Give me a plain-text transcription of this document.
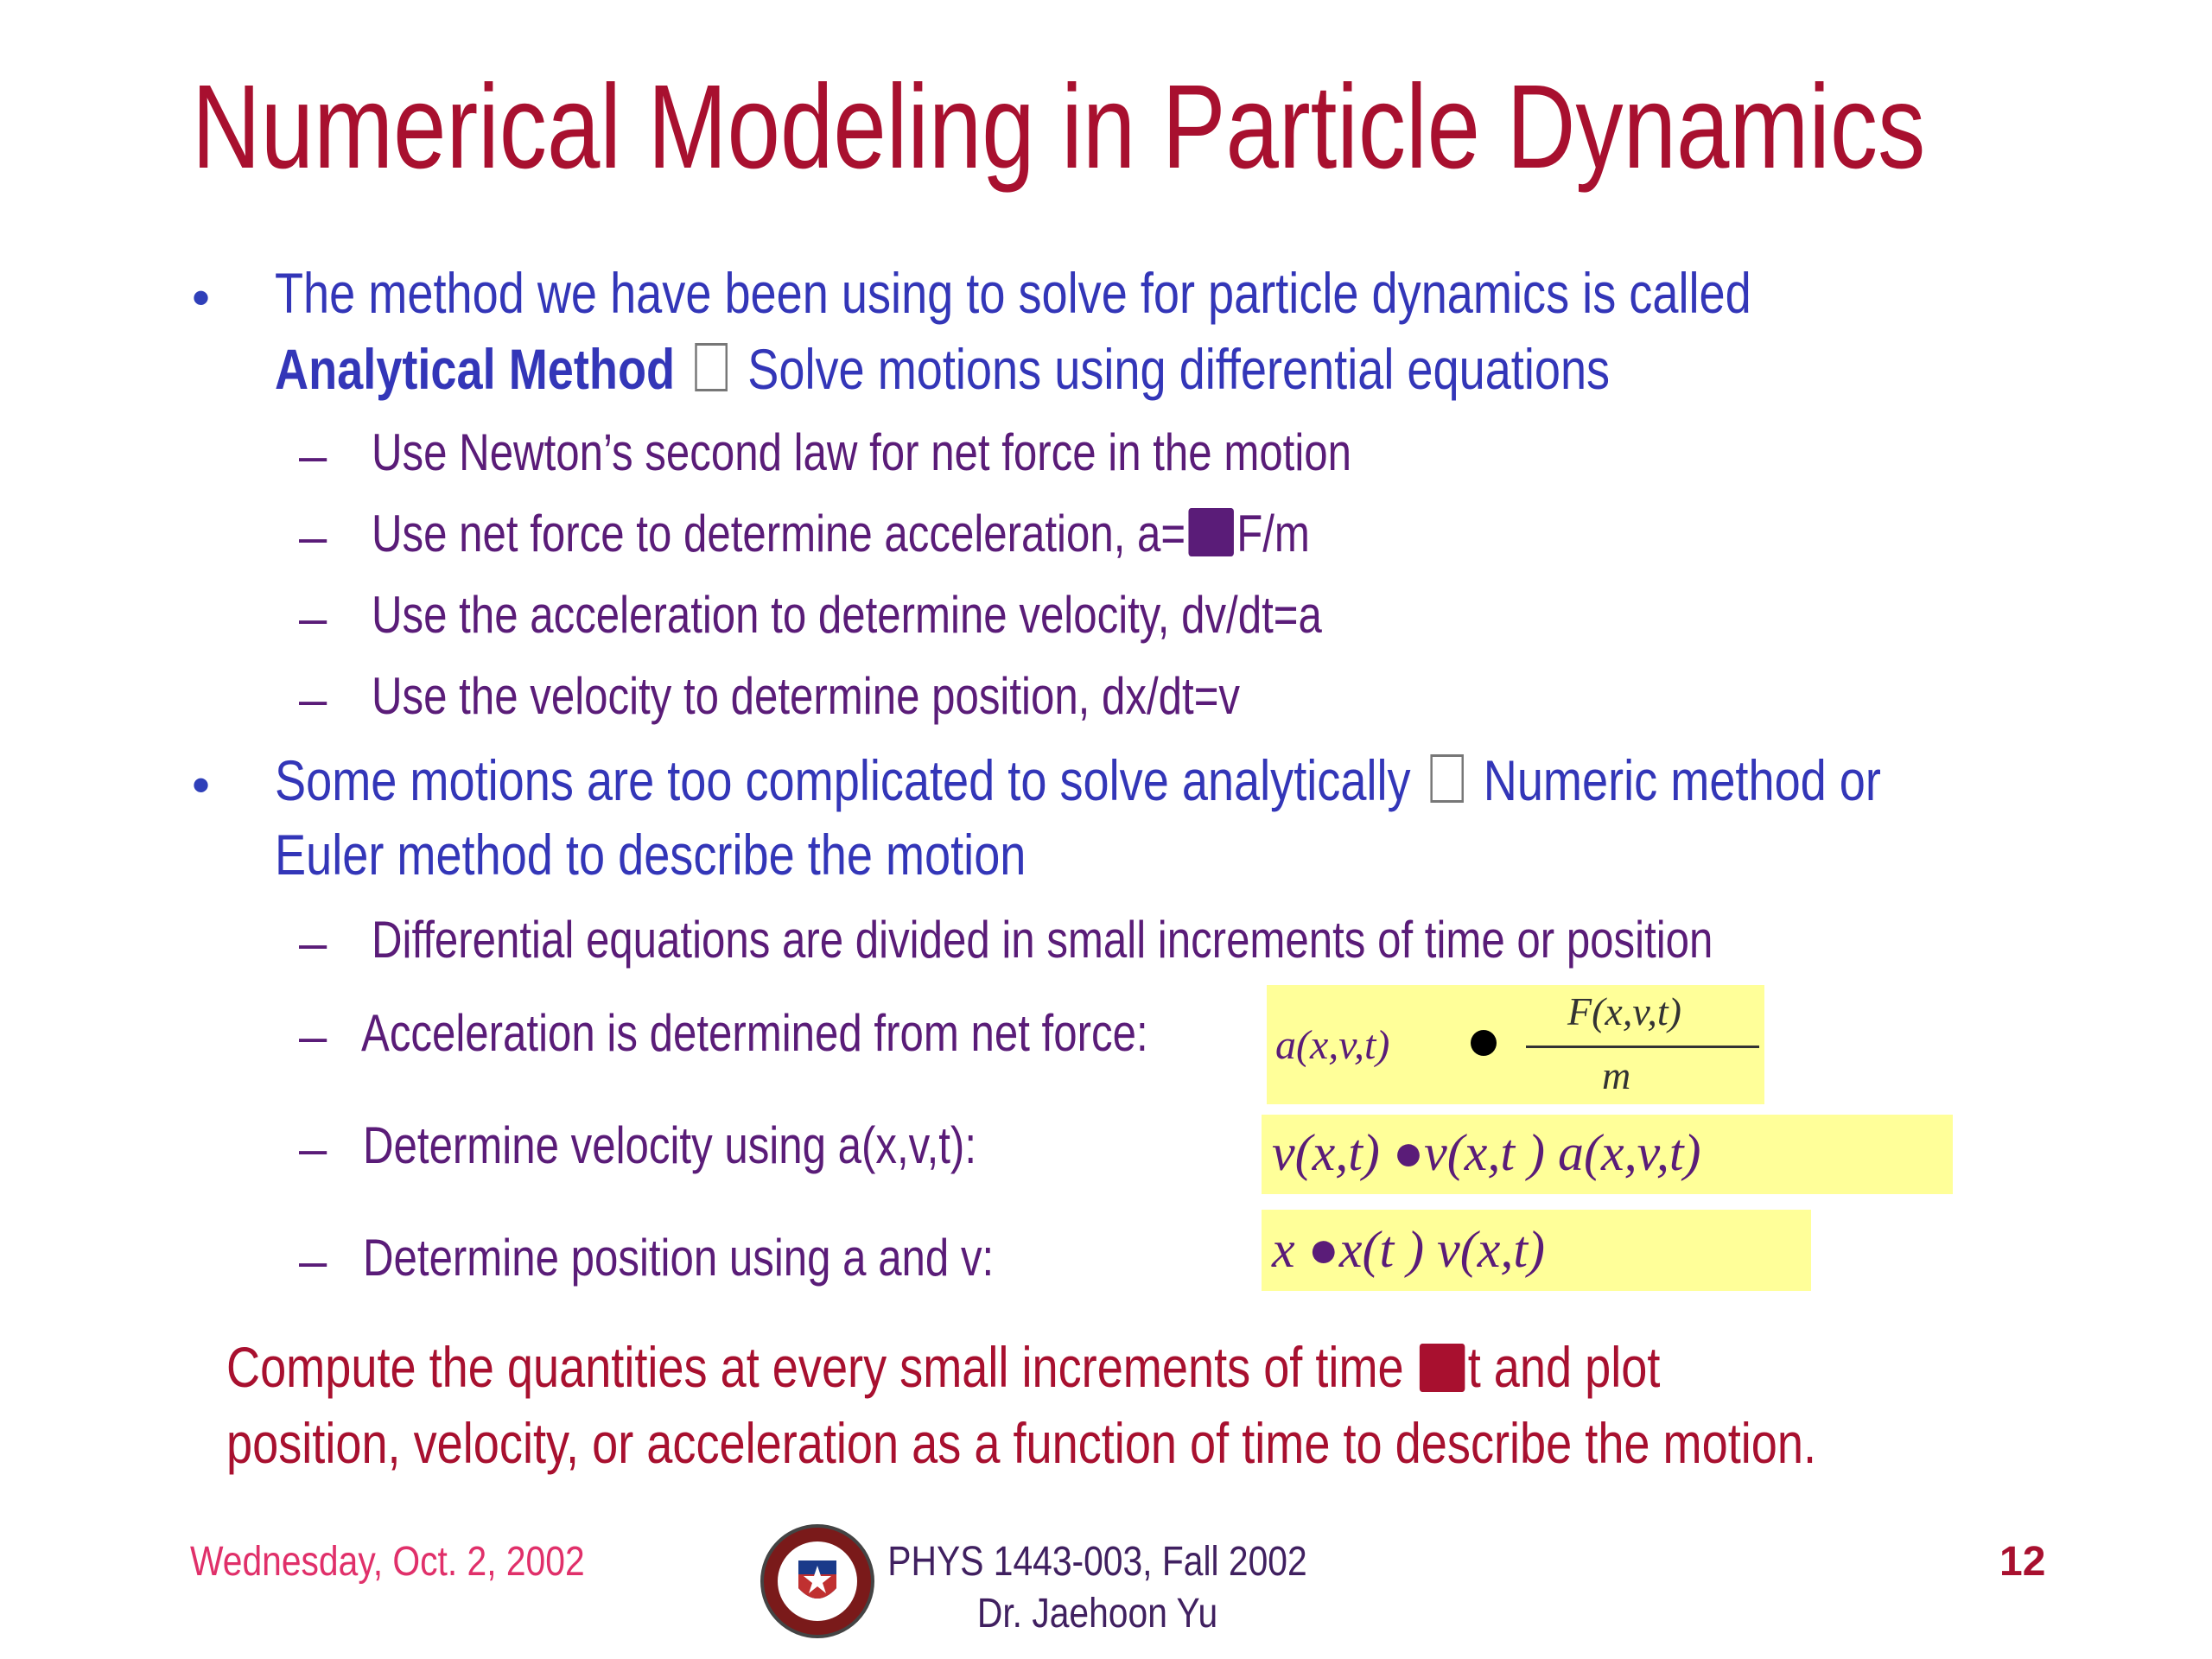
Numerical Modeling in Particle Dynamics
• The method we have been using to solve for particle dynamics is called
Analytical Method Solve motions using differential equations
– Use Newton’s second law for net force in the motion
– Use net force to determine acceleration, a= F/m
– Use the acceleration to determine velocity, dv/dt=a
– Use the velocity to determine position, dx/dt=v
• Some motions are too complicated to solve analytically Numeric method or
Euler method to describe the motion
– Differential equations are divided in small increments of time or position
– Acceleration is determined from net force:
– Determine velocity using a(x,v,t):
– Determine position using a and v:
a(x,v,t)
F(x,v,t)
m
v(x,t) ●v(x,t ) a(x,v,t)
x ●x(t ) v(x,t)
Compute the quantities at every small increments of time t and plot
position, velocity, or acceleration as a function of time to describe the motion.
Wednesday, Oct. 2, 2002	PHYS 1443-003, Fall 2002
Dr. Jaehoon Yu
12
